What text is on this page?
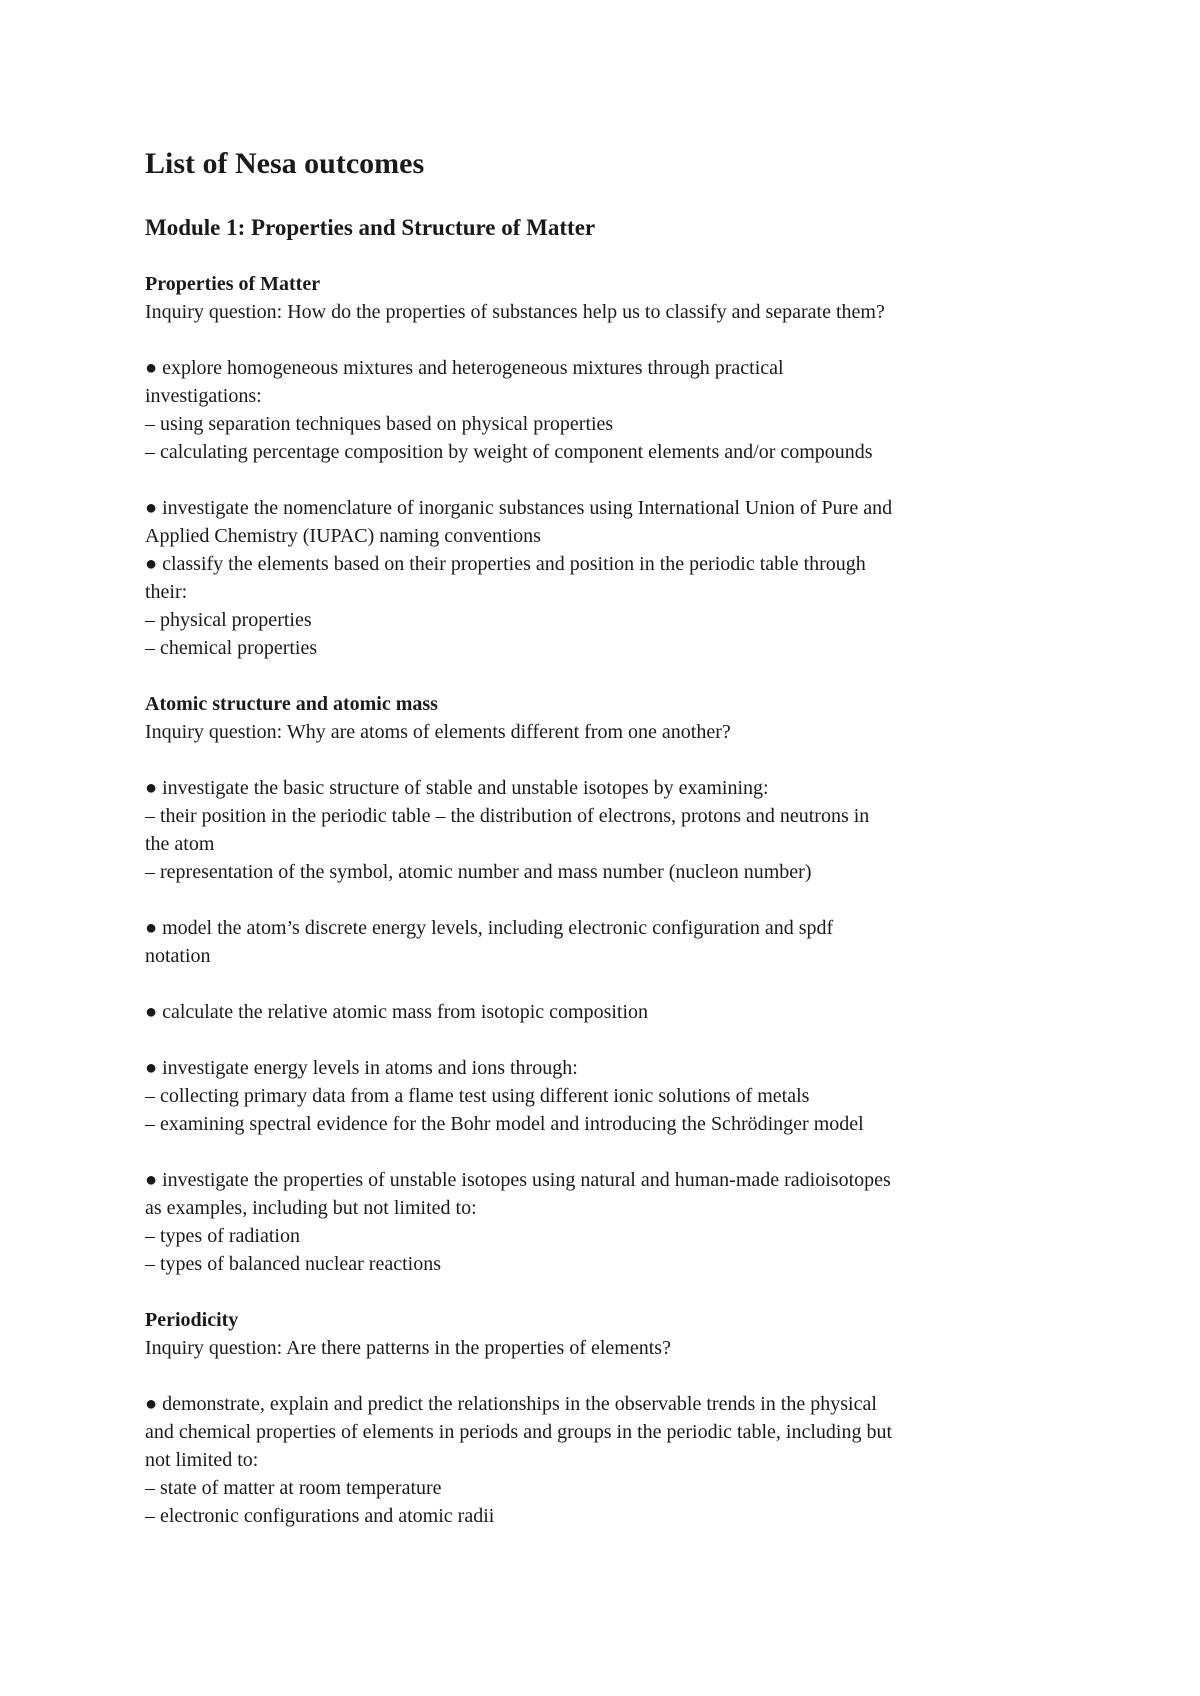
List of Nesa outcomes
Module 1: Properties and Structure of Matter
Properties of Matter
Inquiry question: How do the properties of substances help us to classify and separate them?
● explore homogeneous mixtures and heterogeneous mixtures through practical
investigations:
– using separation techniques based on physical properties
– calculating percentage composition by weight of component elements and/or compounds
● investigate the nomenclature of inorganic substances using International Union of Pure and
Applied Chemistry (IUPAC) naming conventions
● classify the elements based on their properties and position in the periodic table through
their:
– physical properties
– chemical properties
Atomic structure and atomic mass
Inquiry question: Why are atoms of elements different from one another?
● investigate the basic structure of stable and unstable isotopes by examining:
– their position in the periodic table – the distribution of electrons, protons and neutrons in
the atom
– representation of the symbol, atomic number and mass number (nucleon number)
● model the atom’s discrete energy levels, including electronic configuration and spdf
notation
● calculate the relative atomic mass from isotopic composition
● investigate energy levels in atoms and ions through:
– collecting primary data from a flame test using different ionic solutions of metals
– examining spectral evidence for the Bohr model and introducing the Schrödinger model
● investigate the properties of unstable isotopes using natural and human-made radioisotopes
as examples, including but not limited to:
– types of radiation
– types of balanced nuclear reactions
Periodicity
Inquiry question: Are there patterns in the properties of elements?
● demonstrate, explain and predict the relationships in the observable trends in the physical
and chemical properties of elements in periods and groups in the periodic table, including but
not limited to:
– state of matter at room temperature
– electronic configurations and atomic radii
